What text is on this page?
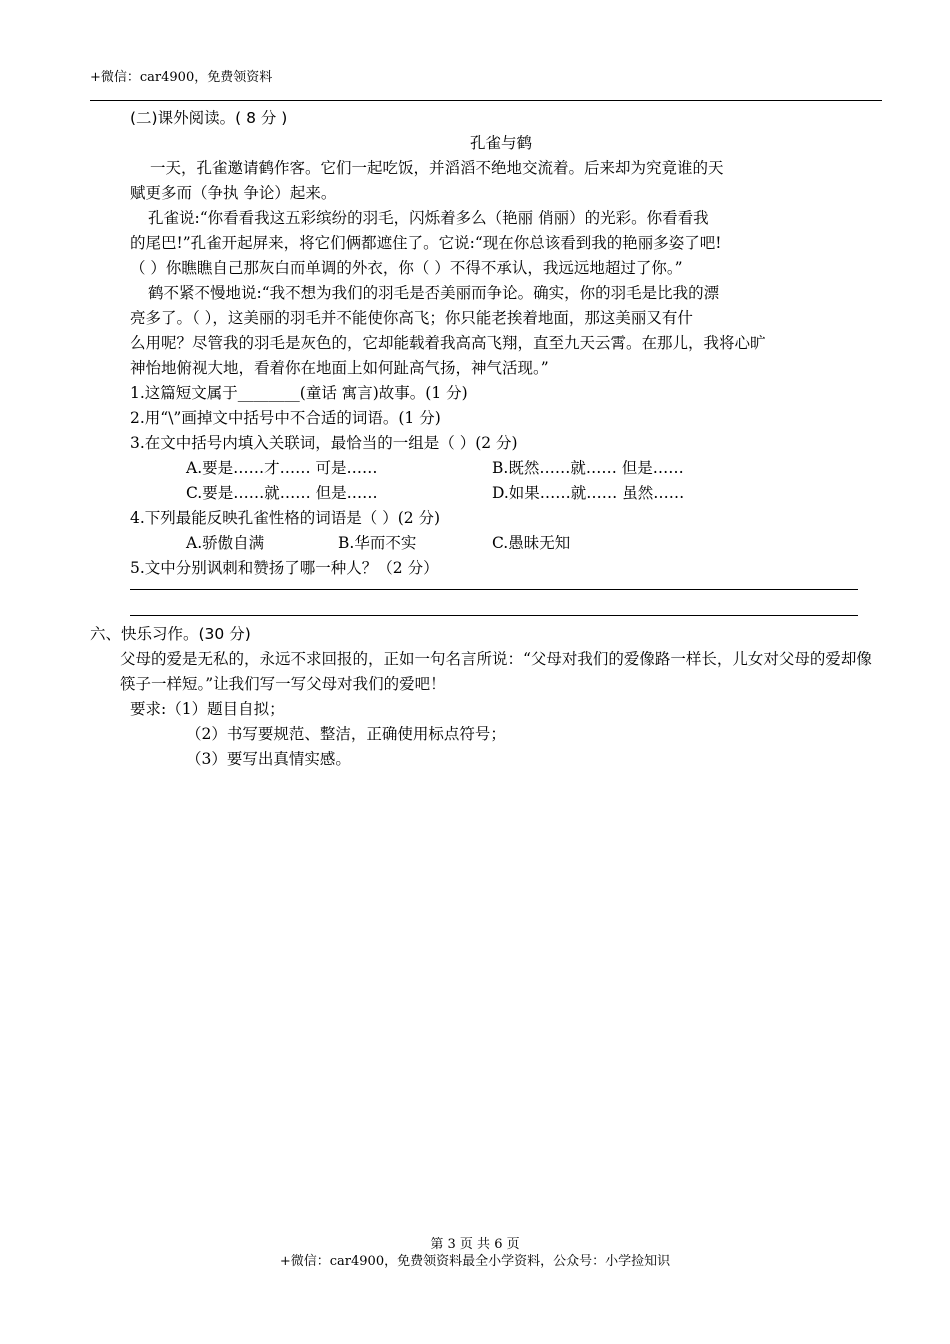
+微信：car4900，免费领资料
(二)课外阅读。( 8 分 )
孔雀与鹤
一天，孔雀邀请鹤作客。它们一起吃饭，并滔滔不绝地交流着。后来却为究竟谁的天
赋更多而（争执 争论）起来。
孔雀说:“你看看我这五彩缤纷的羽毛，闪烁着多么（艳丽 俏丽）的光彩。你看看我
的尾巴!”孔雀开起屏来，将它们俩都遮住了。它说:“现在你总该看到我的艳丽多姿了吧!
（ ）你瞧瞧自己那灰白而单调的外衣，你（ ）不得不承认，我远远地超过了你。”
鹤不紧不慢地说:“我不想为我们的羽毛是否美丽而争论。确实，你的羽毛是比我的漂
亮多了。（ ），这美丽的羽毛并不能使你高飞；你只能老挨着地面，那这美丽又有什
么用呢？尽管我的羽毛是灰色的，它却能载着我高高飞翔，直至九天云霄。在那儿，我将心旷
神怡地俯视大地，看着你在地面上如何趾高气扬，神气活现。”
1.这篇短文属于________(童话 寓言)故事。(1 分)
2.用“\”画掉文中括号中不合适的词语。(1 分)
3.在文中括号内填入关联词，最恰当的一组是（ ）(2 分)
A.要是……才…… 可是……	B.既然……就…… 但是……
C.要是……就…… 但是……	D.如果……就…… 虽然……
4.下列最能反映孔雀性格的词语是（ ）(2 分)
A.骄傲自满	B.华而不实	C.愚昧无知
5.文中分别讽刺和赞扬了哪一种人？（2 分）
六、快乐习作。(30 分)
父母的爱是无私的，永远不求回报的，正如一句名言所说：“父母对我们的爱像路一样长，儿女对父母的爱却像筷子一样短。”让我们写一写父母对我们的爱吧！
要求:（1）题目自拟；
（2）书写要规范、整洁，正确使用标点符号；
（3）要写出真情实感。
第 3 页 共 6 页
+微信：car4900，免费领资料最全小学资料，公众号：小学捡知识
